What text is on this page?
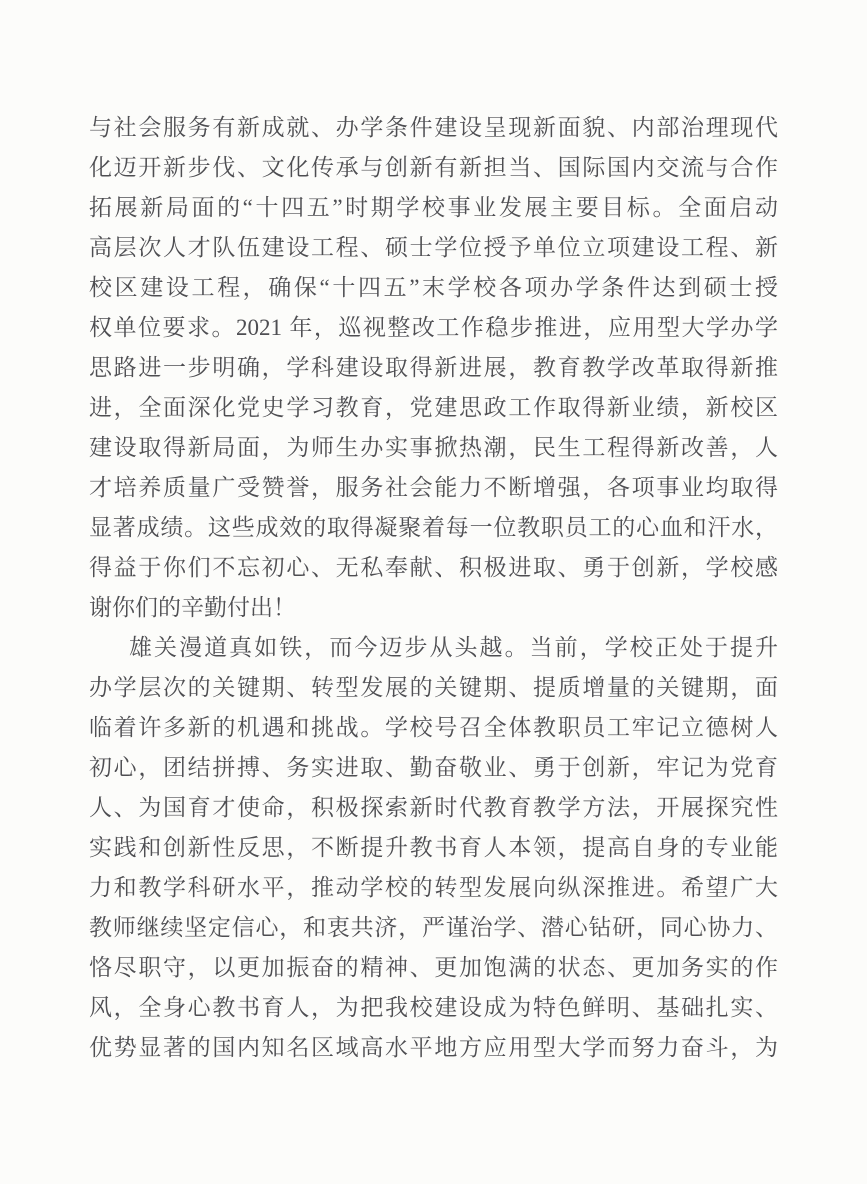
与社会服务有新成就、办学条件建设呈现新面貌、内部治理现代
化迈开新步伐、文化传承与创新有新担当、国际国内交流与合作
拓展新局面的“十四五”时期学校事业发展主要目标。全面启动
高层次人才队伍建设工程、硕士学位授予单位立项建设工程、新
校区建设工程，确保“十四五”末学校各项办学条件达到硕士授
权单位要求。2021 年，巡视整改工作稳步推进，应用型大学办学
思路进一步明确，学科建设取得新进展，教育教学改革取得新推
进，全面深化党史学习教育，党建思政工作取得新业绩，新校区
建设取得新局面，为师生办实事掀热潮，民生工程得新改善，人
才培养质量广受赞誉，服务社会能力不断增强，各项事业均取得
显著成绩。这些成效的取得凝聚着每一位教职员工的心血和汗水，
得益于你们不忘初心、无私奉献、积极进取、勇于创新，学校感
谢你们的辛勤付出！
雄关漫道真如铁，而今迈步从头越。当前，学校正处于提升
办学层次的关键期、转型发展的关键期、提质增量的关键期，面
临着许多新的机遇和挑战。学校号召全体教职员工牢记立德树人
初心，团结拼搏、务实进取、勤奋敬业、勇于创新，牢记为党育
人、为国育才使命，积极探索新时代教育教学方法，开展探究性
实践和创新性反思，不断提升教书育人本领，提高自身的专业能
力和教学科研水平，推动学校的转型发展向纵深推进。希望广大
教师继续坚定信心，和衷共济，严谨治学、潜心钻研，同心协力、
恪尽职守，以更加振奋的精神、更加饱满的状态、更加务实的作
风，全身心教书育人，为把我校建设成为特色鲜明、基础扎实、
优势显著的国内知名区域高水平地方应用型大学而努力奋斗，为
